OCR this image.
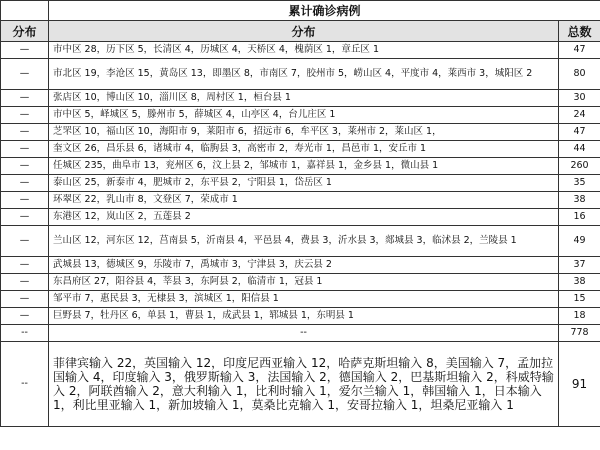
	累计确诊病例	
分布	分布	总数
—	市中区 28，历下区 5，长清区 4，历城区 4，天桥区 4，槐荫区 1，章丘区 1	47
—	市北区 19，李沧区 15，黄岛区 13，即墨区 8，市南区 7，胶州市 5，崂山区 4，平度市 4，莱西市 3，城阳区 2	80
—	张店区 10，博山区 10，淄川区 8，周村区 1，桓台县 1	30
—	市中区 5，峄城区 5，滕州市 5，薛城区 4，山亭区 4，台儿庄区 1	24
—	芝罘区 10，福山区 10，海阳市 9，莱阳市 6，招远市 6，牟平区 3，莱州市 2，莱山区 1，	47
—	奎文区 26，昌乐县 6，诸城市 4，临朐县 3，高密市 2，寿光市 1，昌邑市 1，安丘市 1	44
—	任城区 235，曲阜市 13，兖州区 6，汶上县 2，邹城市 1，嘉祥县 1，金乡县 1，微山县 1	260
—	泰山区 25，新泰市 4，肥城市 2，东平县 2，宁阳县 1，岱岳区 1	35
—	环翠区 22，乳山市 8，文登区 7，荣成市 1	38
—	东港区 12，岚山区 2，五莲县 2	16
—	兰山区 12，河东区 12，莒南县 5，沂南县 4，平邑县 4，费县 3，沂水县 3，郯城县 3，临沭县 2，兰陵县 1	49
—	武城县 13，德城区 9，乐陵市 7，禹城市 3，宁津县 3，庆云县 2	37
—	东昌府区 27，阳谷县 4，莘县 3，东阿县 2，临清市 1，冠县 1	38
—	邹平市 7，惠民县 3，无棣县 3，滨城区 1，阳信县 1	15
—	巨野县 7，牡丹区 6，单县 1，曹县 1，成武县 1，郓城县 1，东明县 1	18
--	--	778
--	菲律宾输入 22，英国输入 12，印度尼西亚输入 12，哈萨克斯坦输入 8，美国输入 7，孟加拉国输入 4，印度输入 3，俄罗斯输入 3，法国输入 2，德国输入 2，巴基斯坦输入 2，科威特输入 2，阿联酋输入 2，意大利输入 1，比利时输入 1，爱尔兰输入 1，韩国输入 1，日本输入 1，利比里亚输入 1，新加坡输入 1，莫桑比克输入 1，安哥拉输入 1，坦桑尼亚输入 1	91
